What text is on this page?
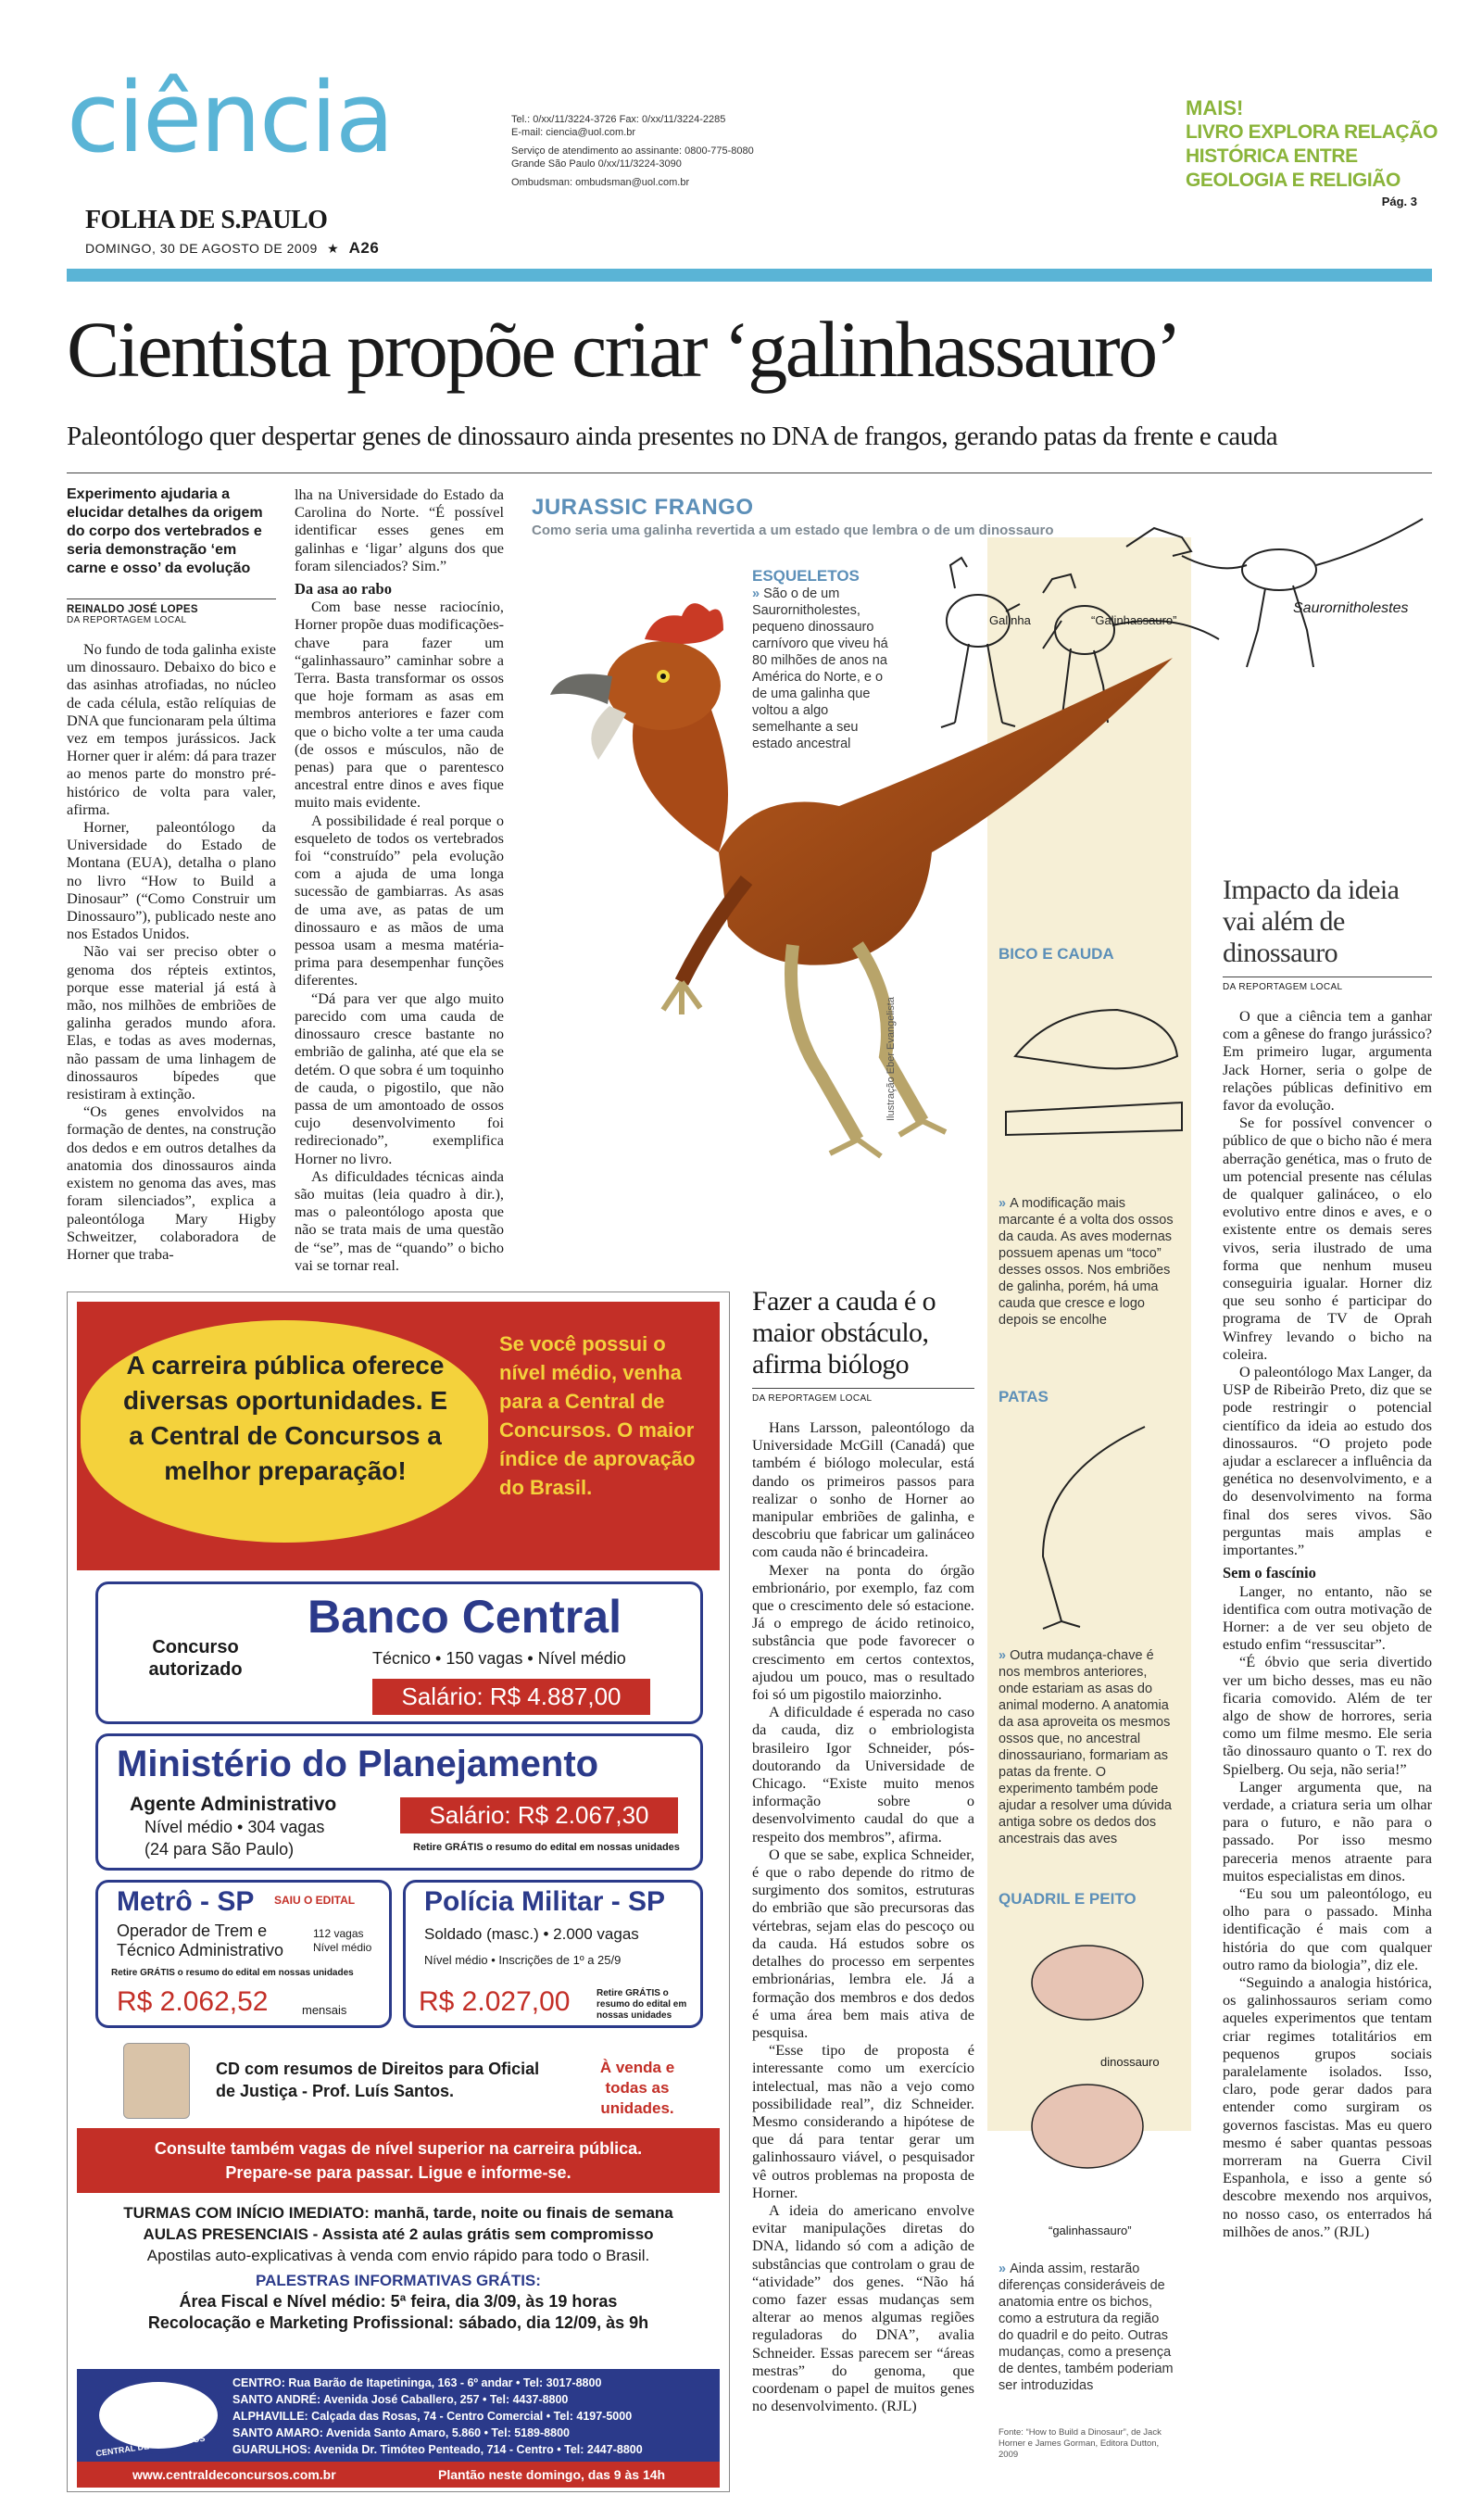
ciência
FOLHA DE S.PAULO
DOMINGO, 30 DE AGOSTO DE 2009 ★ A26
Tel.: 0/xx/11/3224-3726 Fax: 0/xx/11/3224-2285
E-mail: ciencia@uol.com.br
Serviço de atendimento ao assinante: 0800-775-8080
Grande São Paulo 0/xx/11/3224-3090
Ombudsman: ombudsman@uol.com.br
MAIS!
LIVRO EXPLORA RELAÇÃO HISTÓRICA ENTRE GEOLOGIA E RELIGIÃO
Pág. 3
Cientista propõe criar ‘galinhassauro’
Paleontólogo quer despertar genes de dinossauro ainda presentes no DNA de frangos, gerando patas da frente e cauda
Experimento ajudaria a elucidar detalhes da origem do corpo dos vertebrados e seria demonstração ‘em carne e osso’ da evolução
REINALDO JOSÉ LOPES
DA REPORTAGEM LOCAL

No fundo de toda galinha existe um dinossauro. Debaixo do bico e das asinhas atrofiadas, no núcleo de cada célula, estão relíquias de DNA que funcionaram pela última vez em tempos jurássicos. Jack Horner quer ir além: dá para trazer ao menos parte do monstro pré-histórico de volta para valer, afirma.

Horner, paleontólogo da Universidade do Estado de Montana (EUA), detalha o plano no livro “How to Build a Dinosaur” (“Como Construir um Dinossauro”), publicado neste ano nos Estados Unidos.

Não vai ser preciso obter o genoma dos répteis extintos, porque esse material já está à mão, nos milhões de embriões de galinha gerados mundo afora. Elas, e todas as aves modernas, não passam de uma linhagem de dinossauros bípedes que resistiram à extinção.

“Os genes envolvidos na formação de dentes, na construção dos dedos e em outros detalhes da anatomia dos dinossauros ainda existem no genoma das aves, mas foram silenciados”, explica a paleontóloga Mary Higby Schweitzer, colaboradora de Horner que traba-

lha na Universidade do Estado da Carolina do Norte. “É possível identificar esses genes em galinhas e ‘ligar’ alguns dos que foram silenciados? Sim.”

Da asa ao rabo

Com base nesse raciocínio, Horner propõe duas modificações-chave para fazer um “galinhassauro” caminhar sobre a Terra. Basta transformar os ossos que hoje formam as asas em membros anteriores e fazer com que o bicho volte a ter uma cauda (de ossos e músculos, não de penas) para que o parentesco ancestral entre dinos e aves fique muito mais evidente.

A possibilidade é real porque o esqueleto de todos os vertebrados foi “construído” pela evolução com a ajuda de uma longa sucessão de gambiarras. As asas de uma ave, as patas de um dinossauro e as mãos de uma pessoa usam a mesma matéria-prima para desempenhar funções diferentes.

“Dá para ver que algo muito parecido com uma cauda de dinossauro cresce bastante no embrião de galinha, até que ela se detém. O que sobra é um toquinho de cauda, o pigostilo, que não passa de um amontoado de ossos cujo desenvolvimento foi redirecionado”, exemplifica Horner no livro.

As dificuldades técnicas ainda são muitas (leia quadro à dir.), mas o paleontólogo aposta que não se trata mais de uma questão de “se”, mas de “quando” o bicho vai se tornar real.

JURASSIC FRANGO
Como seria uma galinha revertida a um estado que lembra o de um dinossauro
ESQUELETOS
» São o de um Saurornitholestes, pequeno dinossauro carnívoro que viveu há 80 milhões de anos na América do Norte, e o de uma galinha que voltou a algo semelhante a seu estado ancestral
Saurornitholestes
Galinha	“Galinhassauro”
Ilustração Eber Evangelista
BICO E CAUDA
» A modificação mais marcante é a volta dos ossos da cauda. As aves modernas possuem apenas um “toco” desses ossos. Nos embriões de galinha, porém, há uma cauda que cresce e logo depois se encolhe
PATAS
» Outra mudança-chave é nos membros anteriores, onde estariam as asas do animal moderno. A anatomia da asa aproveita os mesmos ossos que, no ancestral dinossauriano, formariam as patas da frente. O experimento também pode ajudar a resolver uma dúvida antiga sobre os dedos dos ancestrais das aves
QUADRIL E PEITO
dinossauro
“galinhassauro”
» Ainda assim, restarão diferenças consideráveis de anatomia entre os bichos, como a estrutura da região do quadril e do peito. Outras mudanças, como a presença de dentes, também poderiam ser introduzidas
Fonte: “How to Build a Dinosaur”, de Jack Horner e James Gorman, Editora Dutton, 2009
Fazer a cauda é o maior obstáculo, afirma biólogo
DA REPORTAGEM LOCAL

Hans Larsson, paleontólogo da Universidade McGill (Canadá) que também é biólogo molecular, está dando os primeiros passos para realizar o sonho de Horner ao manipular embriões de galinha, e descobriu que fabricar um galináceo com cauda não é brincadeira.

Mexer na ponta do órgão embrionário, por exemplo, faz com que o crescimento dele só estacione. Já o emprego de ácido retinoico, substância que pode favorecer o crescimento em certos contextos, ajudou um pouco, mas o resultado foi só um pigostilo maiorzinho.

A dificuldade é esperada no caso da cauda, diz o embriologista brasileiro Igor Schneider, pós-doutorando da Universidade de Chicago. “Existe muito menos informação sobre o desenvolvimento caudal do que a respeito dos membros”, afirma.

O que se sabe, explica Schneider, é que o rabo depende do ritmo de surgimento dos somitos, estruturas do embrião que são precursoras das vértebras, sejam elas do pescoço ou da cauda. Há estudos sobre os detalhes do processo em serpentes embrionárias, lembra ele. Já a formação dos membros e dos dedos é uma área bem mais ativa de pesquisa.

“Esse tipo de proposta é interessante como um exercício intelectual, mas não a vejo como possibilidade real”, diz Schneider. Mesmo considerando a hipótese de que dá para tentar gerar um galinhossauro viável, o pesquisador vê outros problemas na proposta de Horner.

A ideia do americano envolve evitar manipulações diretas do DNA, lidando só com a adição de substâncias que controlam o grau de “atividade” dos genes. “Não há como fazer essas mudanças sem alterar ao menos algumas regiões reguladoras do DNA”, avalia Schneider. Essas parecem ser “áreas mestras” do genoma, que coordenam o papel de muitos genes no desenvolvimento. (RJL)

Impacto da ideia vai além de dinossauro
DA REPORTAGEM LOCAL

O que a ciência tem a ganhar com a gênese do frango jurássico? Em primeiro lugar, argumenta Jack Horner, seria o golpe de relações públicas definitivo em favor da evolução.

Se for possível convencer o público de que o bicho não é mera aberração genética, mas o fruto de um potencial presente nas células de qualquer galináceo, o elo evolutivo entre dinos e aves, e o existente entre os demais seres vivos, seria ilustrado de uma forma que nenhum museu conseguiria igualar. Horner diz que seu sonho é participar do programa de TV de Oprah Winfrey levando o bicho na coleira.

O paleontólogo Max Langer, da USP de Ribeirão Preto, diz que se pode restringir o potencial científico da ideia ao estudo dos dinossauros. “O projeto pode ajudar a esclarecer a influência da genética no desenvolvimento, e a do desenvolvimento na forma final dos seres vivos. São perguntas mais amplas e importantes.”

Sem o fascínio

Langer, no entanto, não se identifica com outra motivação de Horner: a de ver seu objeto de estudo enfim “ressuscitar”.

“É óbvio que seria divertido ver um bicho desses, mas eu não ficaria comovido. Além de ter algo de show de horrores, seria como um filme mesmo. Ele seria tão dinossauro quanto o T. rex do Spielberg. Ou seja, não seria!”

Langer argumenta que, na verdade, a criatura seria um olhar para o futuro, e não para o passado. Por isso mesmo pareceria menos atraente para muitos especialistas em dinos.

“Eu sou um paleontólogo, eu olho para o passado. Minha identificação é mais com a história do que com qualquer outro ramo da biologia”, diz ele.

“Seguindo a analogia histórica, os galinhossauros seriam como aqueles experimentos que tentam criar regimes totalitários em pequenos grupos sociais paralelamente isolados. Isso, claro, pode gerar dados para entender como surgiram os governos fascistas. Mas eu quero mesmo é saber quantas pessoas morreram na Guerra Civil Espanhola, e isso a gente só descobre mexendo nos arquivos, no nosso caso, os enterrados há milhões de anos.” (RJL)

A carreira pública oferece diversas oportunidades. E a Central de Concursos a melhor preparação!
Se você possui o nível médio, venha para a Central de Concursos. O maior índice de aprovação do Brasil.
Concurso autorizado
Banco Central
Técnico • 150 vagas • Nível médio
Salário: R$ 4.887,00
Ministério do Planejamento
Agente Administrativo
Nível médio • 304 vagas
(24 para São Paulo)
Salário: R$ 2.067,30
Retire GRÁTIS o resumo do edital em nossas unidades
Metrô - SP SAIU O EDITAL
Operador de Trem e Técnico Administrativo
112 vagas Nível médio
Retire GRÁTIS o resumo do edital em nossas unidades
R$ 2.062,52	mensais
Polícia Militar - SP
Soldado (masc.) • 2.000 vagas
Nível médio • Inscrições de 1º a 25/9
R$ 2.027,00	Retire GRÁTIS o resumo do edital em nossas unidades
CD com resumos de Direitos para Oficial de Justiça - Prof. Luís Santos.
À venda e todas as unidades.
Consulte também vagas de nível superior na carreira pública.
Prepare-se para passar. Ligue e informe-se.
TURMAS COM INÍCIO IMEDIATO: manhã, tarde, noite ou finais de semana
AULAS PRESENCIAIS - Assista até 2 aulas grátis sem compromisso
Apostilas auto-explicativas à venda com envio rápido para todo o Brasil.
PALESTRAS INFORMATIVAS GRÁTIS:
Área Fiscal e Nível médio: 5ª feira, dia 3/09, às 19 horas
Recolocação e Marketing Profissional: sábado, dia 12/09, às 9h
CENTRAL DE CONCURSOS
CENTRO: Rua Barão de Itapetininga, 163 - 6º andar • Tel: 3017-8800
SANTO ANDRÉ: Avenida José Caballero, 257 • Tel: 4437-8800
ALPHAVILLE: Calçada das Rosas, 74 - Centro Comercial • Tel: 4197-5000
SANTO AMARO: Avenida Santo Amaro, 5.860 • Tel: 5189-8800
GUARULHOS: Avenida Dr. Timóteo Penteado, 714 - Centro • Tel: 2447-8800
www.centraldeconcursos.com.br	Plantão neste domingo, das 9 às 14h
